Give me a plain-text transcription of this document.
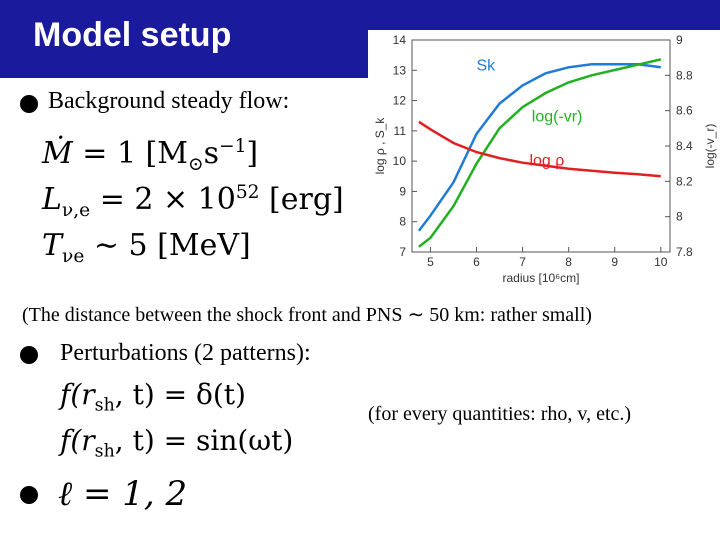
Model setup
Background steady flow:
Ṁ = 1 $[M_⊙s^{-1}]$
$L_{\nu,e} = 2 \times 10^{52}$ [erg]
$T_{\nu e}$ ∼ 5 [MeV]	5	6	7	8	9	10
7
8
9
10
11
12
13
14
7.8
8
8.2
8.4
8.6
8.8
9
radius [10⁶cm]
log ρ , S_k	log(-v_r)
Sk
log(-vr)
log ρ
(The distance between the shock front and PNS ∼ 50 km: rather small)
Perturbations (2 patterns):
$f(r_{sh}$, t) = δ(t)
$f(r_{sh}$, t) = sin(ωt)
(for every quantities: rho, v, etc.)
ℓ = 1, 2
